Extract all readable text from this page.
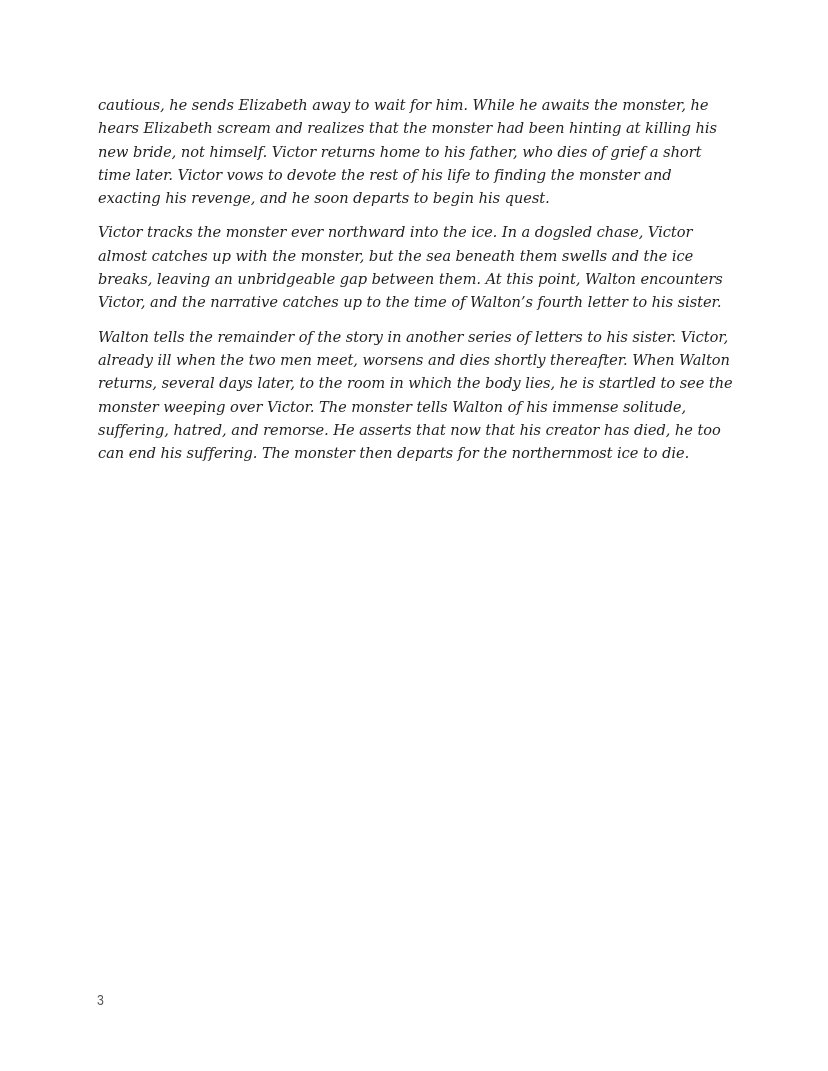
cautious, he sends Elizabeth away to wait for him. While he awaits the monster, he hears Elizabeth scream and realizes that the monster had been hinting at killing his new bride, not himself. Victor returns home to his father, who dies of grief a short time later. Victor vows to devote the rest of his life to finding the monster and exacting his revenge, and he soon departs to begin his quest.

Victor tracks the monster ever northward into the ice. In a dogsled chase, Victor almost catches up with the monster, but the sea beneath them swells and the ice breaks, leaving an unbridgeable gap between them. At this point, Walton encounters Victor, and the narrative catches up to the time of Walton’s fourth letter to his sister.

Walton tells the remainder of the story in another series of letters to his sister. Victor, already ill when the two men meet, worsens and dies shortly thereafter. When Walton returns, several days later, to the room in which the body lies, he is startled to see the monster weeping over Victor. The monster tells Walton of his immense solitude, suffering, hatred, and remorse. He asserts that now that his creator has died, he too can end his suffering. The monster then departs for the northernmost ice to die.

3
